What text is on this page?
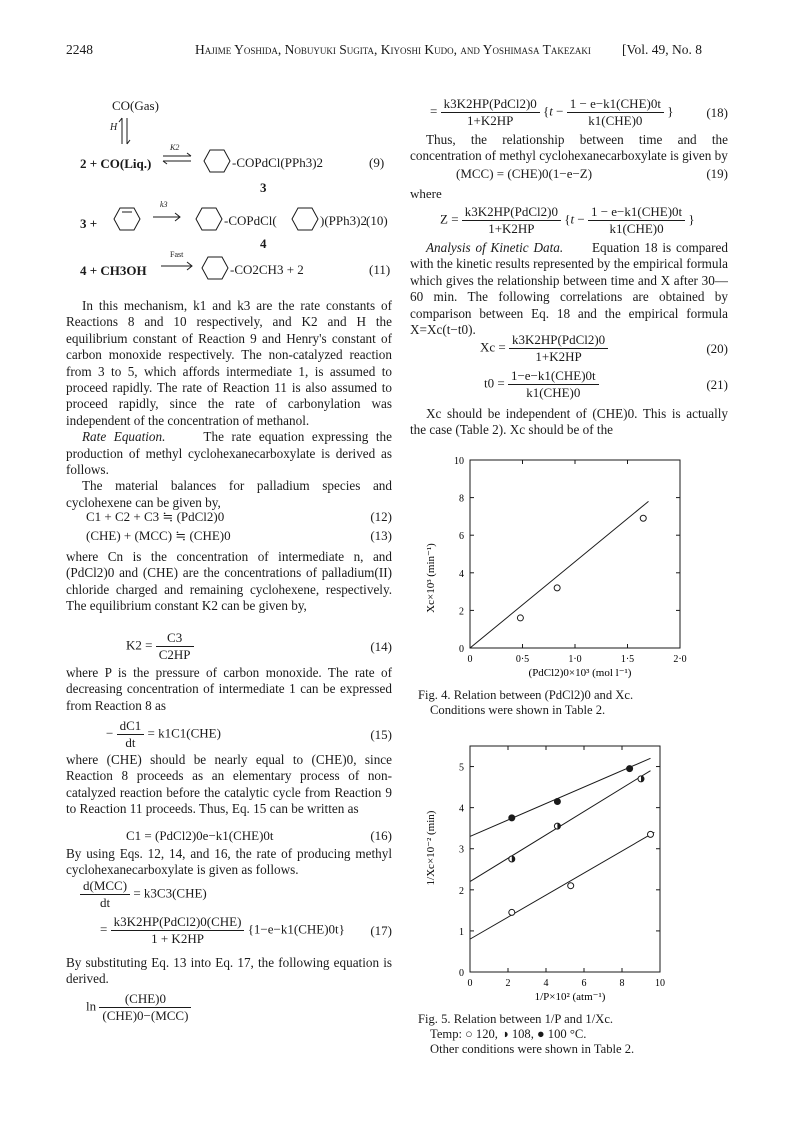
2248	Hajime Yoshida, Nobuyuki Sugita, Kiyoshi Kudo, and Yoshimasa Takezaki [Vol. 49, No. 8
CO(Gas)
H
2 + CO(Liq.)
K2
-COPdCl(PPh3)2	(9)
3
3 +
k3
-COPdCl(	)(PPh3)2 (10)
4
4 + CH3OH
Fast
-CO2CH3 + 2	(11)

In this mechanism, k1 and k3 are the rate constants of Reactions 8 and 10 respectively, and K2 and H the equilibrium constant of Reaction 9 and Henry's constant of carbon monoxide respectively. The non-catalyzed reaction from 3 to 5, which affords intermediate 1, is assumed to proceed rapidly. The rate of Reaction 11 is also assumed to proceed rapidly, since the rate of carbonylation was independent of the concentration of methanol.

Rate Equation.	The rate equation expressing the production of methyl cyclohexanecarboxylate is derived as follows.

The material balances for palladium species and cyclohexene can be given by,

C1 + C2 + C3 ≒ (PdCl2)0	(12)
(CHE) + (MCC) ≒ (CHE)0	(13)

where Cn is the concentration of intermediate n, and (PdCl2)0 and (CHE) are the concentrations of palladium(II) chloride charged and remaining cyclohexene, respectively. The equilibrium constant K2 can be given by,

$K2 = \frac{C3}{C2HP}$	(14)

where P is the pressure of carbon monoxide. The rate of decreasing concentration of intermediate 1 can be expressed from Reaction 8 as

− $\frac{dC1}{dt} = k1C1(CHE)$	(15)

where (CHE) should be nearly equal to (CHE)0, since Reaction 8 proceeds as an elementary process of non-catalyzed reaction before the catalytic cycle from Reaction 9 to Reaction 11 proceeds. Thus, Eq. 15 can be written as

C1 = (PdCl2)0e−k1(CHE)0t	(16)

By using Eqs. 12, 14, and 16, the rate of producing methyl cyclohexanecarboxylate is given as follows.

$\frac{\text{d(MCC)}}{dt} = k3C3(CHE)$
= $\frac{\text{k3K2HP(PdCl2)0(CHE)}}{1 + K2HP} \{1-e-k1(CHE)0t\}$ (17)

By substituting Eq. 13 into Eq. 17, the following equation is derived.

$\ln \frac{\text{(CHE)0}}{\text{(CHE)0−(MCC)}}$
= $\frac{\text{k3K2HP(PdCl2)0}}{1+K2HP} \{t - \frac{\text{1 − e−k1(CHE)0t}}{\text{k1(CHE)0}}$ }	(18)

Thus, the relationship between time and the concentration of methyl cyclohexanecarboxylate is given by

(MCC) = (CHE)0(1−e−Z)	(19)
where
$Z = \frac{\text{k3K2HP(PdCl2)0}}{1+K2HP} \{t - \frac{\text{1 − e−k1(CHE)0t}}{\text{k1(CHE)0}}$ }

Analysis of Kinetic Data. Equation 18 is compared with the kinetic results represented by the empirical formula which gives the relationship between time and X after 30—60 min. The following correlations are obtained by comparison between Eq. 18 and the empirical formula X=Xc(t−t0).

$Xc = \frac{\text{k3K2HP(PdCl2)0}}{1+K2HP}$	(20)
$t0 = \frac{\text{1−e−k1(CHE)0t}}{\text{k1(CHE)0}}$	(21)

Xc should be independent of (CHE)0. This is actually the case (Table 2). Xc should be of the

0	0·5	1·0	1·5	2·0
0
2
4
6
8
10
Xc×10³ (min⁻¹)
(PdCl2)0×10³ (mol l⁻¹)
Fig. 4. Relation between (PdCl2)0 and Xc.
Conditions were shown in Table 2.
0	2	4	6	8	10
0
1
2
3
4
5
1/Xc×10⁻² (min)
1/P×10² (atm⁻¹)
Fig. 5. Relation between 1/P and 1/Xc.
Temp: ○ 120, ◑ 108, ● 100 °C.
Other conditions were shown in Table 2.
